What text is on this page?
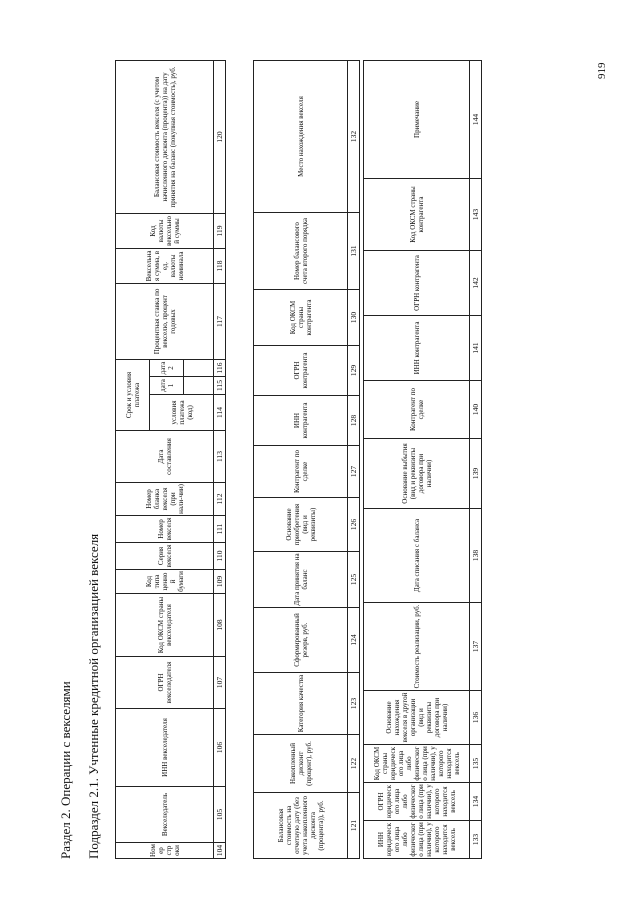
Раздел 2. Операции с векселями Подраздел 2.1. Учтенные кредитной организацией векселя	Номер строки	Векселедатель	ИНН векселедателя	ОГРН векселедателя	Код ОКСМ страны векселедателя	Код типа ценной бумаги	Серия векселя	Номер векселя	Номер бланка векселя (при нали-чии)	Дата составления	Срок и условия платежа			Процентная ставка по векселю, процент годовых	Вексельная сумма, в ед. валюты номинала	Код валюты вексельной суммы	Балансовая стоимость векселя (с учетом начисленного дисконта (процента)) на дату принятия на баланс (покупная стоимость), руб.
										условия платежа (код)	дата 1	дата 2				

104	105	106	107	108	109	110	111	112	113	114	115	116	117	118	119	120
Балансовая стоимость на отчетную дату (без учета накопленного дисконта (процента)), руб.	Накопленный дисконт (процент), руб.	Категория качества	Сформированный резерв, руб.	Дата принятия на баланс	Основание приобретения (вид и реквизиты)	Контрагент по сделке	ИНН контрагента	ОГРН контрагента	Код ОКСМ страны контрагента	Номер балансового счета второго порядка	Место нахождения векселя
121	122	123	124	125	126	127	128	129	130	131	132
ИНН юридического лица либо физического лица (при наличии), у которого находится вексель	ОГРН юридического лица либо физического лица (при наличии), у которого находится вексель	Код ОКСМ страны юридического лица либо физического лица (при наличии), у которого находится вексель	Основание нахождения векселя в другой организации (вид и реквизиты договора при наличии)	Стоимость реализации, руб.	Дата списания с баланса	Основание выбытия (вид и реквизиты договора при наличии)	Контрагент по сделке	ИНН контрагента	ОГРН контрагента	Код ОКСМ страны контрагента	Примечание
133	134	135	136	137	138	139	140	141	142	143	144
919
